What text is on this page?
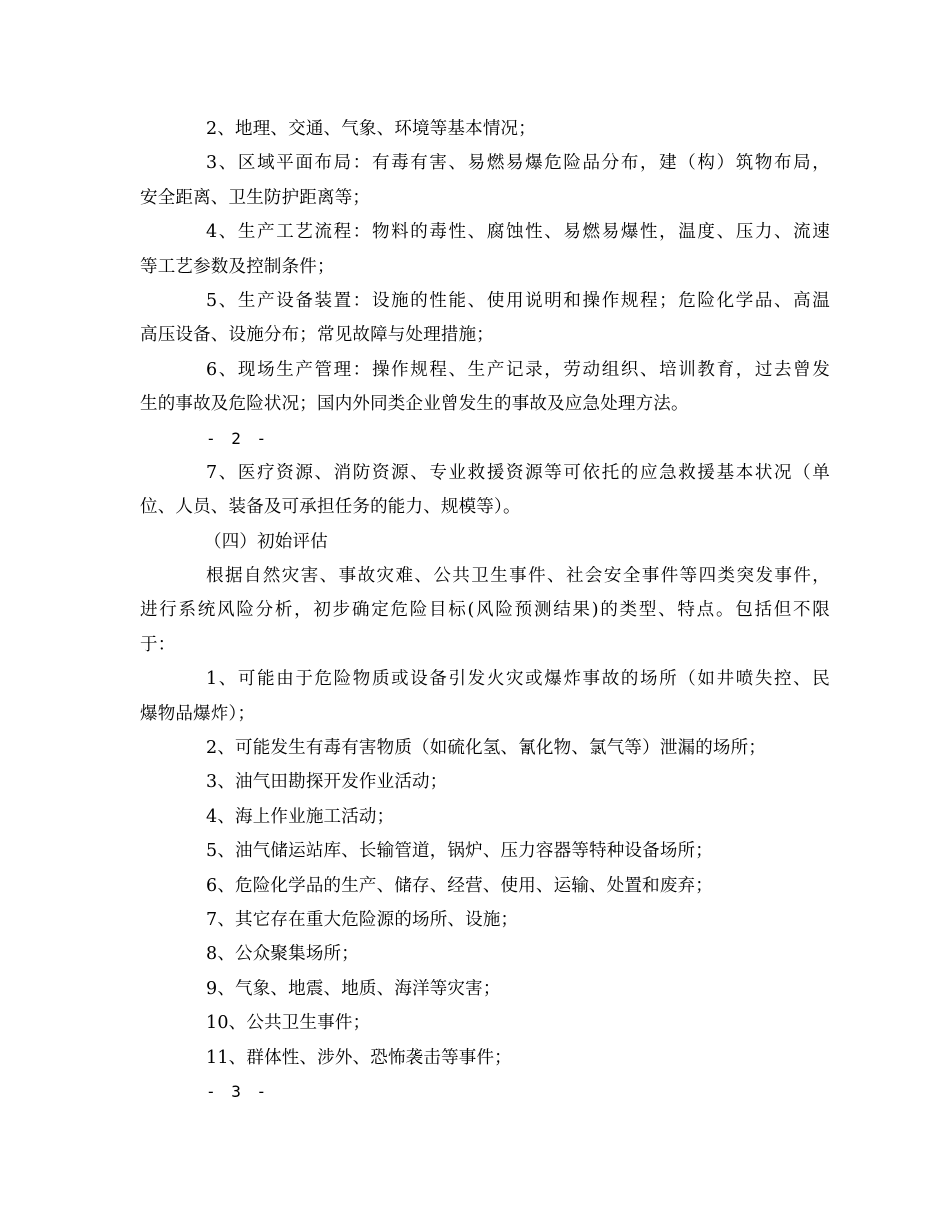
2、地理、交通、气象、环境等基本情况；
3、区域平面布局：有毒有害、易燃易爆危险品分布，建（构）筑物布局，
安全距离、卫生防护距离等；
4、生产工艺流程：物料的毒性、腐蚀性、易燃易爆性，温度、压力、流速
等工艺参数及控制条件；
5、生产设备装置：设施的性能、使用说明和操作规程；危险化学品、高温
高压设备、设施分布；常见故障与处理措施；
6、现场生产管理：操作规程、生产记录，劳动组织、培训教育，过去曾发
生的事故及危险状况；国内外同类企业曾发生的事故及应急处理方法。
- 2 -
7、医疗资源、消防资源、专业救援资源等可依托的应急救援基本状况（单
位、人员、装备及可承担任务的能力、规模等）。
（四）初始评估
根据自然灾害、事故灾难、公共卫生事件、社会安全事件等四类突发事件，
进行系统风险分析，初步确定危险目标(风险预测结果)的类型、特点。包括但不限
于：
1、可能由于危险物质或设备引发火灾或爆炸事故的场所（如井喷失控、民
爆物品爆炸）；
2、可能发生有毒有害物质（如硫化氢、氰化物、氯气等）泄漏的场所；
3、油气田勘探开发作业活动；
4、海上作业施工活动；
5、油气储运站库、长输管道，锅炉、压力容器等特种设备场所；
6、危险化学品的生产、储存、经营、使用、运输、处置和废弃；
7、其它存在重大危险源的场所、设施；
8、公众聚集场所；
9、气象、地震、地质、海洋等灾害；
10、公共卫生事件；
11、群体性、涉外、恐怖袭击等事件；
- 3 -
